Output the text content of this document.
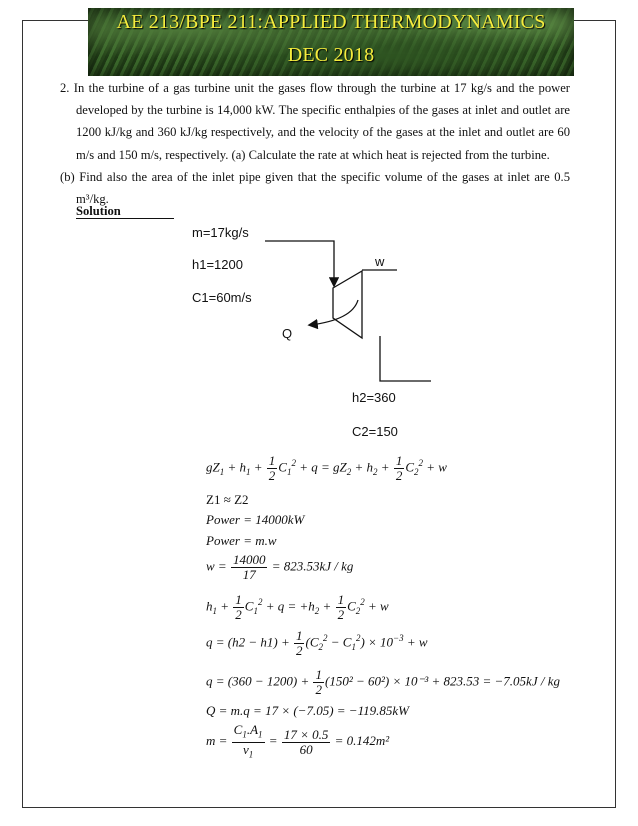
AE 213/BPE 211:APPLIED THERMODYNAMICS
DEC 2018

2. In the turbine of a gas turbine unit the gases flow through the turbine at 17 kg/s and the power developed by the turbine is 14,000 kW. The specific enthalpies of the gases at inlet and outlet are 1200 kJ/kg and 360 kJ/kg respectively, and the velocity of the gases at the inlet and outlet are 60 m/s and 150 m/s, respectively. (a) Calculate the rate at which heat is rejected from the turbine.

(b) Find also the area of the inlet pipe given that the specific volume of the gases at inlet are 0.5 m³/kg.

Solution
m=17kg/s
h1=1200
C1=60m/s
w
Q
h2=360
C2=150
$gZ_1 + h_1 + \frac{1}{2} C_1^2 + q = gZ_2 + h_2 + \frac{1}{2} C_2^2 + w$
Z1 ≈ Z2
Power = 14000kW
Power = m.w
$w = \frac{14000}{17} = 823.53kJ$ / kg
$h_1 + \frac{1}{2} C_1^2 + q = +h_2 + \frac{1}{2} C_2^2 + w$
$q = (h2 - h1) + \frac{1}{2} (C_2^2 - C_1^2) \times 10^{-3} + w$
$q = (360 - 1200) + \frac{1}{2} (150^2 - 60^2) \times 10^{-3} + 823.53 = -7.05kJ$ / kg
Q = m.q = 17 × (−7.05) = −119.85kW
$m = \frac{C_1.A_1}{v_1} = \frac{17 \times 0.5}{60} = 0.142m^2$
